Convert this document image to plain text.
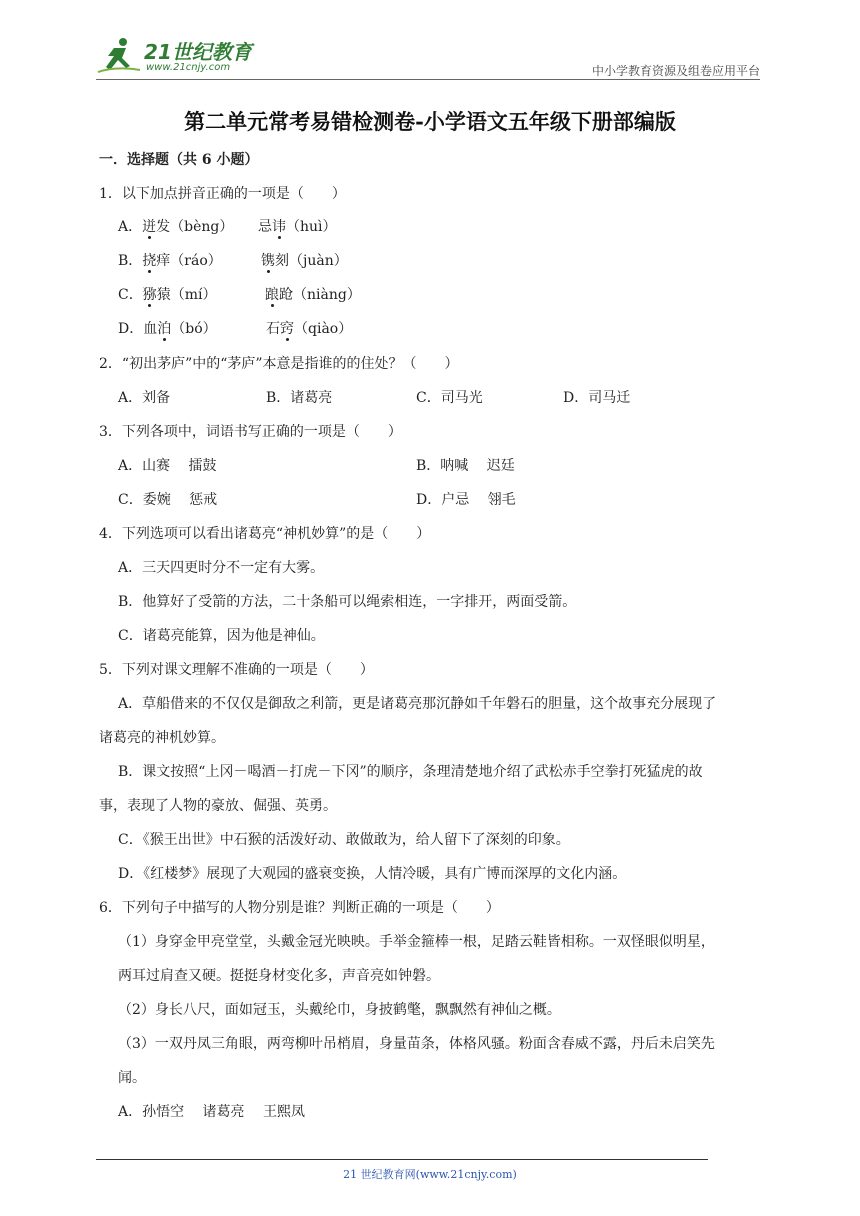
21世纪教育
www.21cnjy.com	中小学教育资源及组卷应用平台
第二单元常考易错检测卷-小学语文五年级下册部编版
一．选择题（共 6 小题）
1．以下加点拼音正确的一项是（　　）
A．迸发（bèng） 忌讳（huì）
B．挠痒（ráo）	镌刻（juàn）
C．猕猿（mí）	踉跄（niàng）
D．血泊（bó）	石窍（qiào）
2．“初出茅庐”中的“茅庐”本意是指谁的的住处？（　　）
A．刘备	B．诸葛亮	C．司马光	D．司马迁
3．下列各项中，词语书写正确的一项是（　　）
A．山赛　 擂鼓	B．呐喊　 迟廷
C．委婉　 惩戒	D．户忌　 翎毛
4．下列选项可以看出诸葛亮“神机妙算”的是（　　）
A．三天四更时分不一定有大雾。
B．他算好了受箭的方法，二十条船可以绳索相连，一字排开，两面受箭。
C．诸葛亮能算，因为他是神仙。
5．下列对课文理解不准确的一项是（　　）
A．草船借来的不仅仅是御敌之利箭，更是诸葛亮那沉静如千年磐石的胆量，这个故事充分展现了
诸葛亮的神机妙算。
B．课文按照“上冈－喝酒－打虎－下冈”的顺序，条理清楚地介绍了武松赤手空拳打死猛虎的故
事，表现了人物的豪放、倔强、英勇。
C．《猴王出世》中石猴的活泼好动、敢做敢为，给人留下了深刻的印象。
D．《红楼梦》展现了大观园的盛衰变换，人情冷暖，具有广博而深厚的文化内涵。
6．下列句子中描写的人物分别是谁？判断正确的一项是（　　）
（1）身穿金甲亮堂堂，头戴金冠光映映。手举金箍棒一根，足踏云鞋皆相称。一双怪眼似明星，
两耳过肩查又硬。挺挺身材变化多，声音亮如钟磐。
（2）身长八尺，面如冠玉，头戴纶巾，身披鹤氅，飘飘然有神仙之概。
（3）一双丹凤三角眼，两弯柳叶吊梢眉，身量苗条，体格风骚。粉面含春威不露，丹后未启笑先
闻。
A．孙悟空　 诸葛亮　 王熙凤
21 世纪教育网(www.21cnjy.com)
